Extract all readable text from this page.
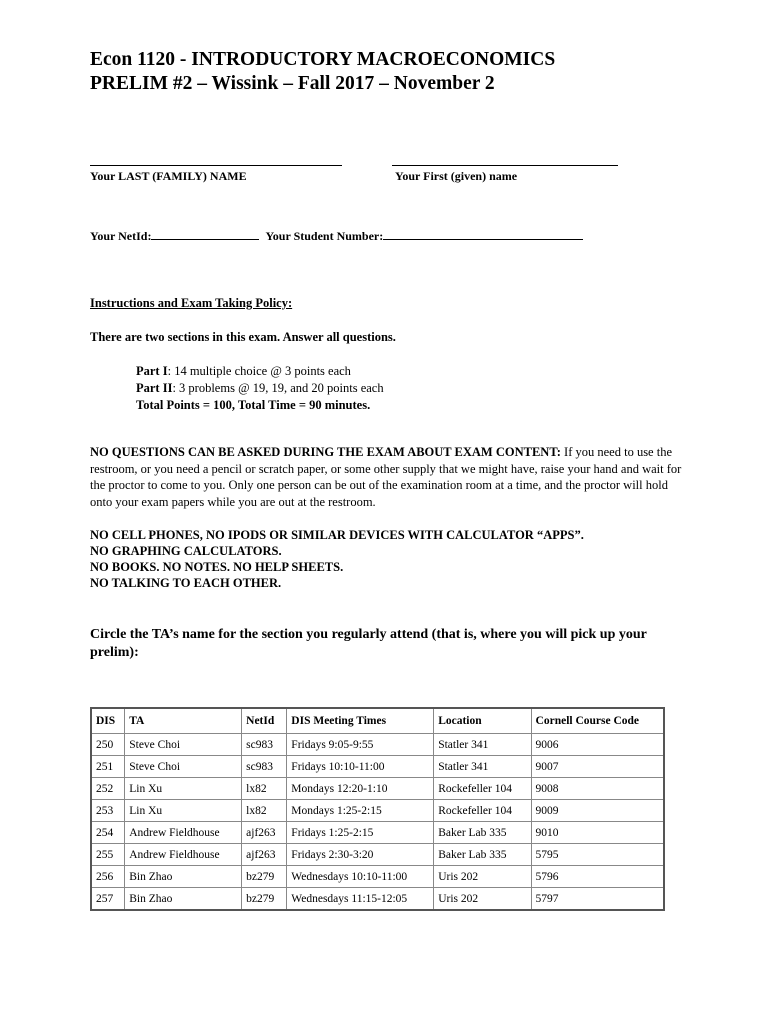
Econ 1120 - INTRODUCTORY MACROECONOMICS
PRELIM #2 – Wissink – Fall 2017 – November 2
Your LAST (FAMILY) NAME	Your First (given) name
Your NetId:	Your Student Number:
Instructions and Exam Taking Policy:
There are two sections in this exam. Answer all questions.
Part I: 14 multiple choice @ 3 points each
Part II: 3 problems @ 19, 19, and 20 points each
Total Points = 100, Total Time = 90 minutes.
NO QUESTIONS CAN BE ASKED DURING THE EXAM ABOUT EXAM CONTENT: If you need to use the restroom, or you need a pencil or scratch paper, or some other supply that we might have, raise your hand and wait for the proctor to come to you. Only one person can be out of the examination room at a time, and the proctor will hold onto your exam papers while you are out at the restroom.
NO CELL PHONES, NO IPODS OR SIMILAR DEVICES WITH CALCULATOR “APPS”.
NO GRAPHING CALCULATORS.
NO BOOKS. NO NOTES. NO HELP SHEETS.
NO TALKING TO EACH OTHER.
Circle the TA’s name for the section you regularly attend (that is, where you will pick up your prelim):
DIS	TA	NetId	DIS Meeting Times	Location	Cornell Course Code
250	Steve Choi	sc983	Fridays 9:05-9:55	Statler 341	9006
251	Steve Choi	sc983	Fridays 10:10-11:00	Statler 341	9007
252	Lin Xu	lx82	Mondays 12:20-1:10	Rockefeller 104	9008
253	Lin Xu	lx82	Mondays 1:25-2:15	Rockefeller 104	9009
254	Andrew Fieldhouse	ajf263	Fridays 1:25-2:15	Baker Lab 335	9010
255	Andrew Fieldhouse	ajf263	Fridays 2:30-3:20	Baker Lab 335	5795
256	Bin Zhao	bz279	Wednesdays 10:10-11:00	Uris 202	5796
257	Bin Zhao	bz279	Wednesdays 11:15-12:05	Uris 202	5797
